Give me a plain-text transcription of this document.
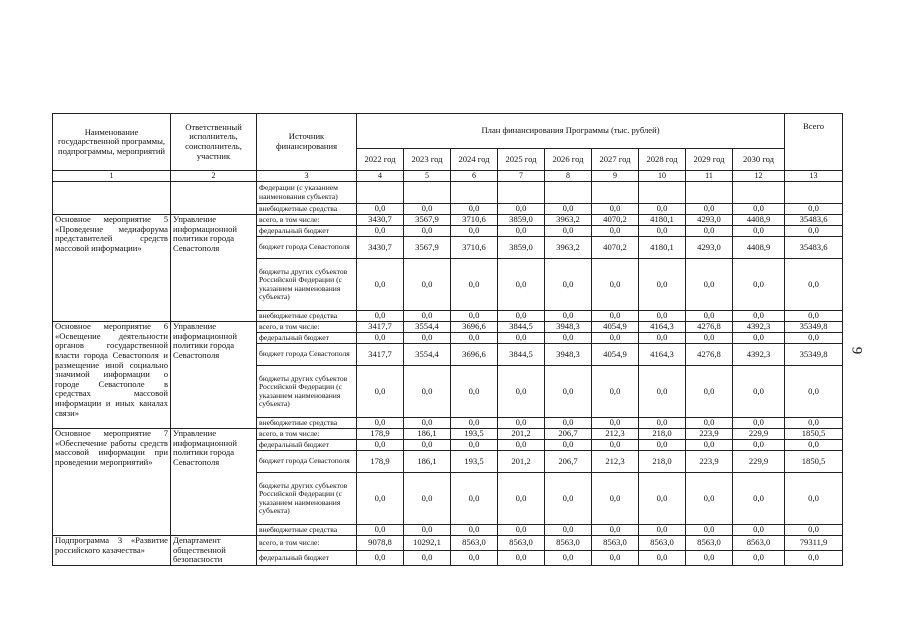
Наименование государственной программы, подпрограммы, мероприятий	Ответственный исполнитель, соисполнитель, участник	Источник финансирования	План финансирования Программы (тыс. рублей)									Всего
			2022 год	2023 год	2024 год	2025 год	2026 год	2027 год	2028 год	2029 год	2030 год	
1	2	3	4	5	6	7	8	9	10	11	12	13
		Федерации (с указанием наименования субъекта)										
		внебюджетные средства	0,0	0,0	0,0	0,0	0,0	0,0	0,0	0,0	0,0	0,0
Основное мероприятие 5 «Проведение медиафорума представителей средств массовой информации»	Управление информационной политики города Севастополя	всего, в том числе:	3430,7	3567,9	3710,6	3859,0	3963,2	4070,2	4180,1	4293,0	4408,9	35483,6
		федеральный бюджет	0,0	0,0	0,0	0,0	0,0	0,0	0,0	0,0	0,0	0,0
		бюджет города Севастополя	3430,7	3567,9	3710,6	3859,0	3963,2	4070,2	4180,1	4293,0	4408,9	35483,6
		бюджеты других субъектов Российской Федерации (с указанием наименования субъекта)	0,0	0,0	0,0	0,0	0,0	0,0	0,0	0,0	0,0	0,0
		внебюджетные средства	0,0	0,0	0,0	0,0	0,0	0,0	0,0	0,0	0,0	0,0
Основное мероприятие 6 «Освещение деятельности органов государственной власти города Севастополя и размещение иной социально значимой информации о городе Севастополе в средствах массовой информации и иных каналах связи»	Управление информационной политики города Севастополя	всего, в том числе:	3417,7	3554,4	3696,6	3844,5	3948,3	4054,9	4164,3	4276,8	4392,3	35349,8
		федеральный бюджет	0,0	0,0	0,0	0,0	0,0	0,0	0,0	0,0	0,0	0,0
		бюджет города Севастополя	3417,7	3554,4	3696,6	3844,5	3948,3	4054,9	4164,3	4276,8	4392,3	35349,8
		бюджеты других субъектов Российской Федерации (с указанием наименования субъекта)	0,0	0,0	0,0	0,0	0,0	0,0	0,0	0,0	0,0	0,0
		внебюджетные средства	0,0	0,0	0,0	0,0	0,0	0,0	0,0	0,0	0,0	0,0
Основное мероприятие 7 «Обеспечение работы средств массовой информации при проведении мероприятий»	Управление информационной политики города Севастополя	всего, в том числе:	178,9	186,1	193,5	201,2	206,7	212,3	218,0	223,9	229,9	1850,5
		федеральный бюджет	0,0	0,0	0,0	0,0	0,0	0,0	0,0	0,0	0,0	0,0
		бюджет города Севастополя	178,9	186,1	193,5	201,2	206,7	212,3	218,0	223,9	229,9	1850,5
		бюджеты других субъектов Российской Федерации (с указанием наименования субъекта)	0,0	0,0	0,0	0,0	0,0	0,0	0,0	0,0	0,0	0,0
		внебюджетные средства	0,0	0,0	0,0	0,0	0,0	0,0	0,0	0,0	0,0	0,0
Подпрограмма 3 «Развитие российского казачества»	Департамент общественной безопасности	всего, в том числе:	9078,8	10292,1	8563,0	8563,0	8563,0	8563,0	8563,0	8563,0	8563,0	79311,9
		федеральный бюджет	0,0	0,0	0,0	0,0	0,0	0,0	0,0	0,0	0,0	0,0
9
